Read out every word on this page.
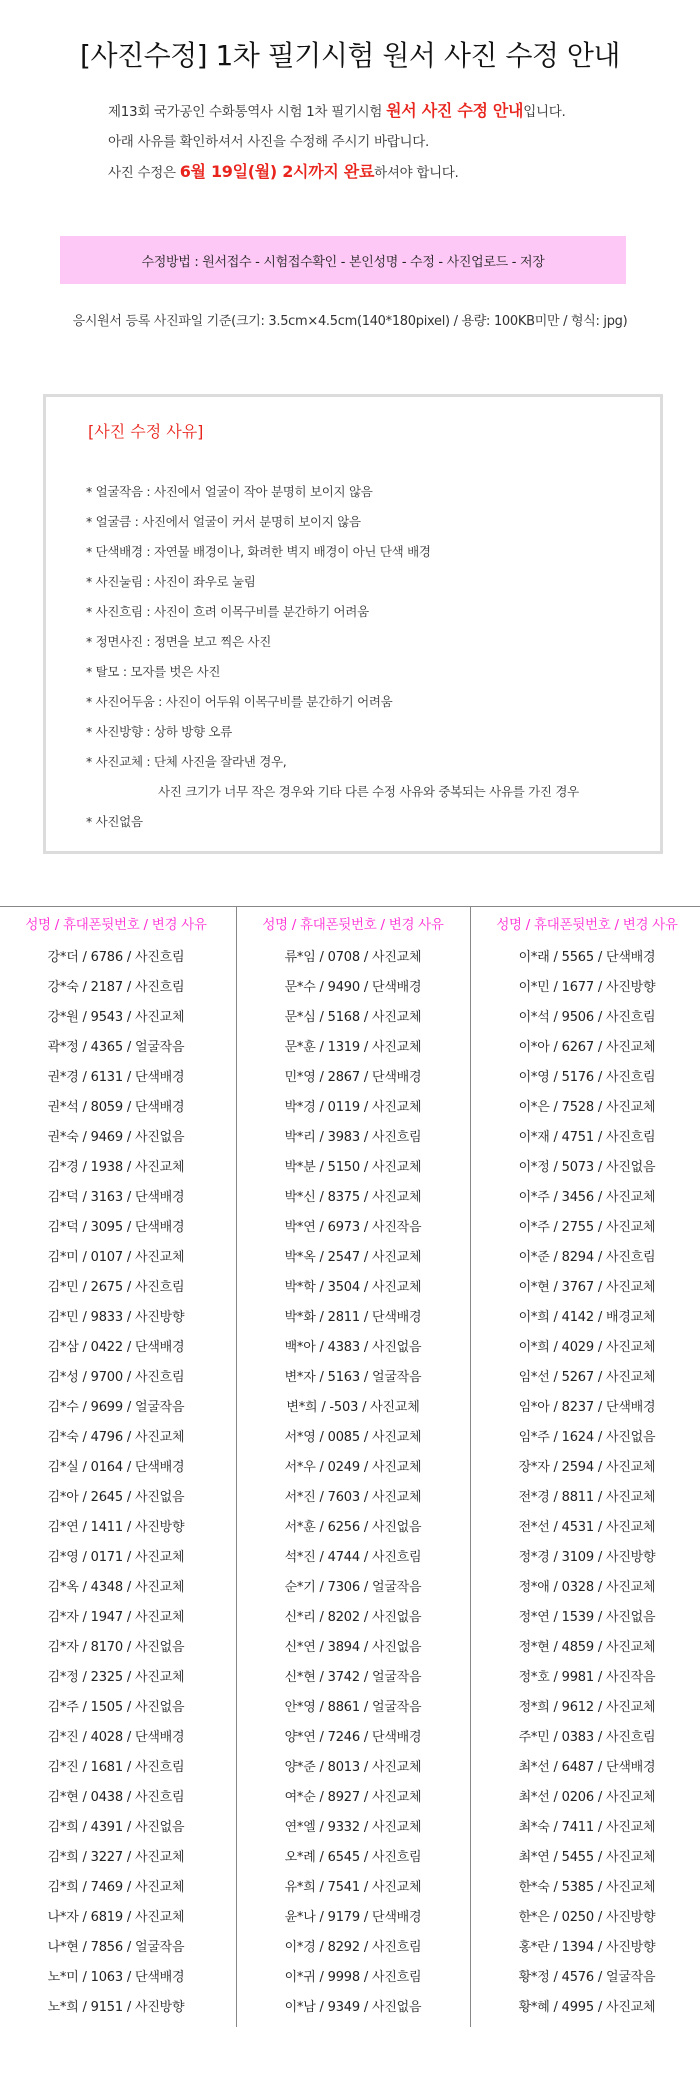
[사진수정] 1차 필기시험 원서 사진 수정 안내
제13회 국가공인 수화통역사 시험 1차 필기시험 원서 사진 수정 안내입니다.
아래 사유를 확인하셔서 사진을 수정해 주시기 바랍니다.
사진 수정은 6월 19일(월) 2시까지 완료하셔야 합니다.
수정방법 : 원서접수 - 시험접수확인 - 본인성명 - 수정 - 사진업로드 - 저장
응시원서 등록 사진파일 기준(크기: 3.5cm×4.5cm(140*180pixel) / 용량: 100KB미만 / 형식: jpg)
[사진 수정 사유]
* 얼굴작음 : 사진에서 얼굴이 작아 분명히 보이지 않음
* 얼굴큼 : 사진에서 얼굴이 커서 분명히 보이지 않음
* 단색배경 : 자연물 배경이나, 화려한 벽지 배경이 아닌 단색 배경
* 사진눌림 : 사진이 좌우로 눌림
* 사진흐림 : 사진이 흐려 이목구비를 분간하기 어려움
* 정면사진 : 정면을 보고 찍은 사진
* 탈모 : 모자를 벗은 사진
* 사진어두움 : 사진이 어두워 이목구비를 분간하기 어려움
* 사진방향 : 상하 방향 오류
* 사진교체 : 단체 사진을 잘라낸 경우,
사진 크기가 너무 작은 경우와 기타 다른 수정 사유와 중복되는 사유를 가진 경우
* 사진없음
성명 / 휴대폰뒷번호 / 변경 사유
강*더 / 6786 / 사진흐림
강*숙 / 2187 / 사진흐림
강*원 / 9543 / 사진교체
곽*정 / 4365 / 얼굴작음
권*경 / 6131 / 단색배경
권*석 / 8059 / 단색배경
권*숙 / 9469 / 사진없음
김*경 / 1938 / 사진교체
김*덕 / 3163 / 단색배경
김*덕 / 3095 / 단색배경
김*미 / 0107 / 사진교체
김*민 / 2675 / 사진흐림
김*민 / 9833 / 사진방향
김*삼 / 0422 / 단색배경
김*성 / 9700 / 사진흐림
김*수 / 9699 / 얼굴작음
김*숙 / 4796 / 사진교체
김*실 / 0164 / 단색배경
김*아 / 2645 / 사진없음
김*연 / 1411 / 사진방향
김*영 / 0171 / 사진교체
김*옥 / 4348 / 사진교체
김*자 / 1947 / 사진교체
김*자 / 8170 / 사진없음
김*정 / 2325 / 사진교체
김*주 / 1505 / 사진없음
김*진 / 4028 / 단색배경
김*진 / 1681 / 사진흐림
김*현 / 0438 / 사진흐림
김*희 / 4391 / 사진없음
김*희 / 3227 / 사진교체
김*희 / 7469 / 사진교체
나*자 / 6819 / 사진교체
나*현 / 7856 / 얼굴작음
노*미 / 1063 / 단색배경
노*희 / 9151 / 사진방향
성명 / 휴대폰뒷번호 / 변경 사유
류*임 / 0708 / 사진교체
문*수 / 9490 / 단색배경
문*심 / 5168 / 사진교체
문*훈 / 1319 / 사진교체
민*영 / 2867 / 단색배경
박*경 / 0119 / 사진교체
박*리 / 3983 / 사진흐림
박*분 / 5150 / 사진교체
박*신 / 8375 / 사진교체
박*연 / 6973 / 사진작음
박*옥 / 2547 / 사진교체
박*학 / 3504 / 사진교체
박*화 / 2811 / 단색배경
백*아 / 4383 / 사진없음
변*자 / 5163 / 얼굴작음
변*희 / -503 / 사진교체
서*영 / 0085 / 사진교체
서*우 / 0249 / 사진교체
서*진 / 7603 / 사진교체
서*훈 / 6256 / 사진없음
석*진 / 4744 / 사진흐림
순*기 / 7306 / 얼굴작음
신*리 / 8202 / 사진없음
신*연 / 3894 / 사진없음
신*현 / 3742 / 얼굴작음
안*영 / 8861 / 얼굴작음
양*연 / 7246 / 단색배경
양*준 / 8013 / 사진교체
여*순 / 8927 / 사진교체
연*엘 / 9332 / 사진교체
오*례 / 6545 / 사진흐림
유*희 / 7541 / 사진교체
윤*나 / 9179 / 단색배경
이*경 / 8292 / 사진흐림
이*귀 / 9998 / 사진흐림
이*남 / 9349 / 사진없음
성명 / 휴대폰뒷번호 / 변경 사유
이*래 / 5565 / 단색배경
이*민 / 1677 / 사진방향
이*석 / 9506 / 사진흐림
이*아 / 6267 / 사진교체
이*영 / 5176 / 사진흐림
이*은 / 7528 / 사진교체
이*재 / 4751 / 사진흐림
이*정 / 5073 / 사진없음
이*주 / 3456 / 사진교체
이*주 / 2755 / 사진교체
이*준 / 8294 / 사진흐림
이*현 / 3767 / 사진교체
이*희 / 4142 / 배경교체
이*희 / 4029 / 사진교체
임*선 / 5267 / 사진교체
임*아 / 8237 / 단색배경
임*주 / 1624 / 사진없음
장*자 / 2594 / 사진교체
전*경 / 8811 / 사진교체
전*선 / 4531 / 사진교체
정*경 / 3109 / 사진방향
정*애 / 0328 / 사진교체
정*연 / 1539 / 사진없음
정*현 / 4859 / 사진교체
정*호 / 9981 / 사진작음
정*희 / 9612 / 사진교체
주*민 / 0383 / 사진흐림
최*선 / 6487 / 단색배경
최*선 / 0206 / 사진교체
최*숙 / 7411 / 사진교체
최*연 / 5455 / 사진교체
한*숙 / 5385 / 사진교체
한*은 / 0250 / 사진방향
홍*란 / 1394 / 사진방향
황*정 / 4576 / 얼굴작음
황*혜 / 4995 / 사진교체
